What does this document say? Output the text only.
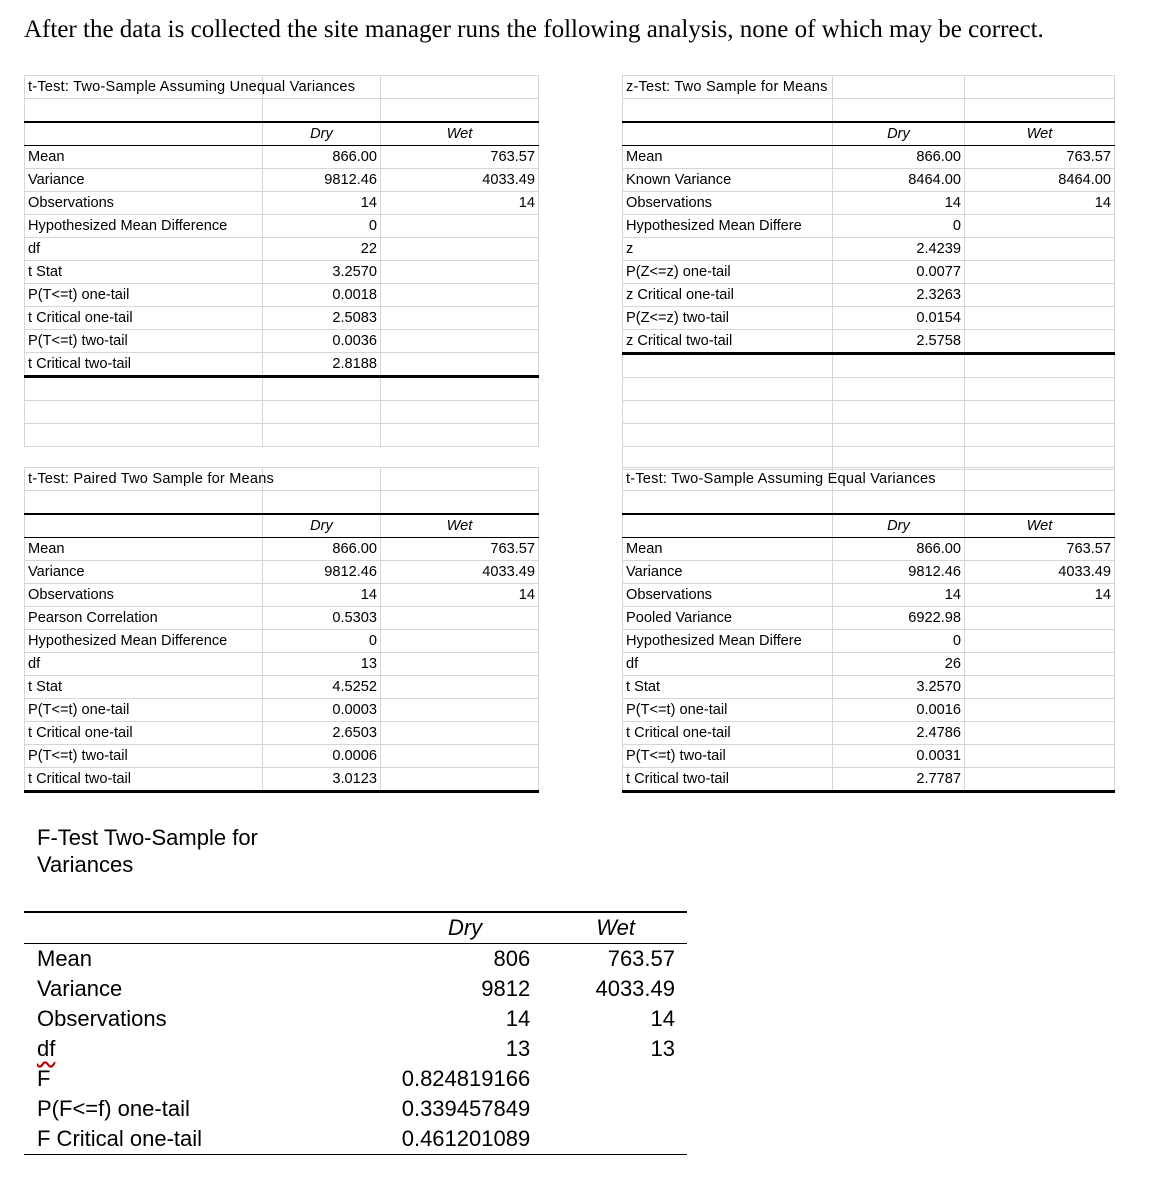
After the data is collected the site manager runs the following analysis, none of which may be correct.
t-Test: Two-Sample Assuming Unequal Variances		

	Dry	Wet
Mean	866.00	763.57
Variance	9812.46	4033.49
Observations	14	14
Hypothesized Mean Difference	0	
df	22	
t Stat	3.2570	
P(T<=t) one-tail	0.0018	
t Critical one-tail	2.5083	
P(T<=t) two-tail	0.0036	
t Critical two-tail	2.8188	

z-Test: Two Sample for Means		

	Dry	Wet
Mean	866.00	763.57
Known Variance	8464.00	8464.00
Observations	14	14
Hypothesized Mean Differe	0	
z	2.4239	
P(Z<=z) one-tail	0.0077	
z Critical one-tail	2.3263	
P(Z<=z) two-tail	0.0154	
z Critical two-tail	2.5758	

t-Test: Paired Two Sample for Means		

	Dry	Wet
Mean	866.00	763.57
Variance	9812.46	4033.49
Observations	14	14
Pearson Correlation	0.5303	
Hypothesized Mean Difference	0	
df	13	
t Stat	4.5252	
P(T<=t) one-tail	0.0003	
t Critical one-tail	2.6503	
P(T<=t) two-tail	0.0006	
t Critical two-tail	3.0123	
t-Test: Two-Sample Assuming Equal Variances		

	Dry	Wet
Mean	866.00	763.57
Variance	9812.46	4033.49
Observations	14	14
Pooled Variance	6922.98	
Hypothesized Mean Differe	0	
df	26	
t Stat	3.2570	
P(T<=t) one-tail	0.0016	
t Critical one-tail	2.4786	
P(T<=t) two-tail	0.0031	
t Critical two-tail	2.7787	
F-Test Two-Sample for
Variances
	Dry	Wet
Mean	806	763.57
Variance	9812	4033.49
Observations	14	14
df	13	13
F	0.824819166	
P(F<=f) one-tail	0.339457849	
F Critical one-tail	0.461201089	
